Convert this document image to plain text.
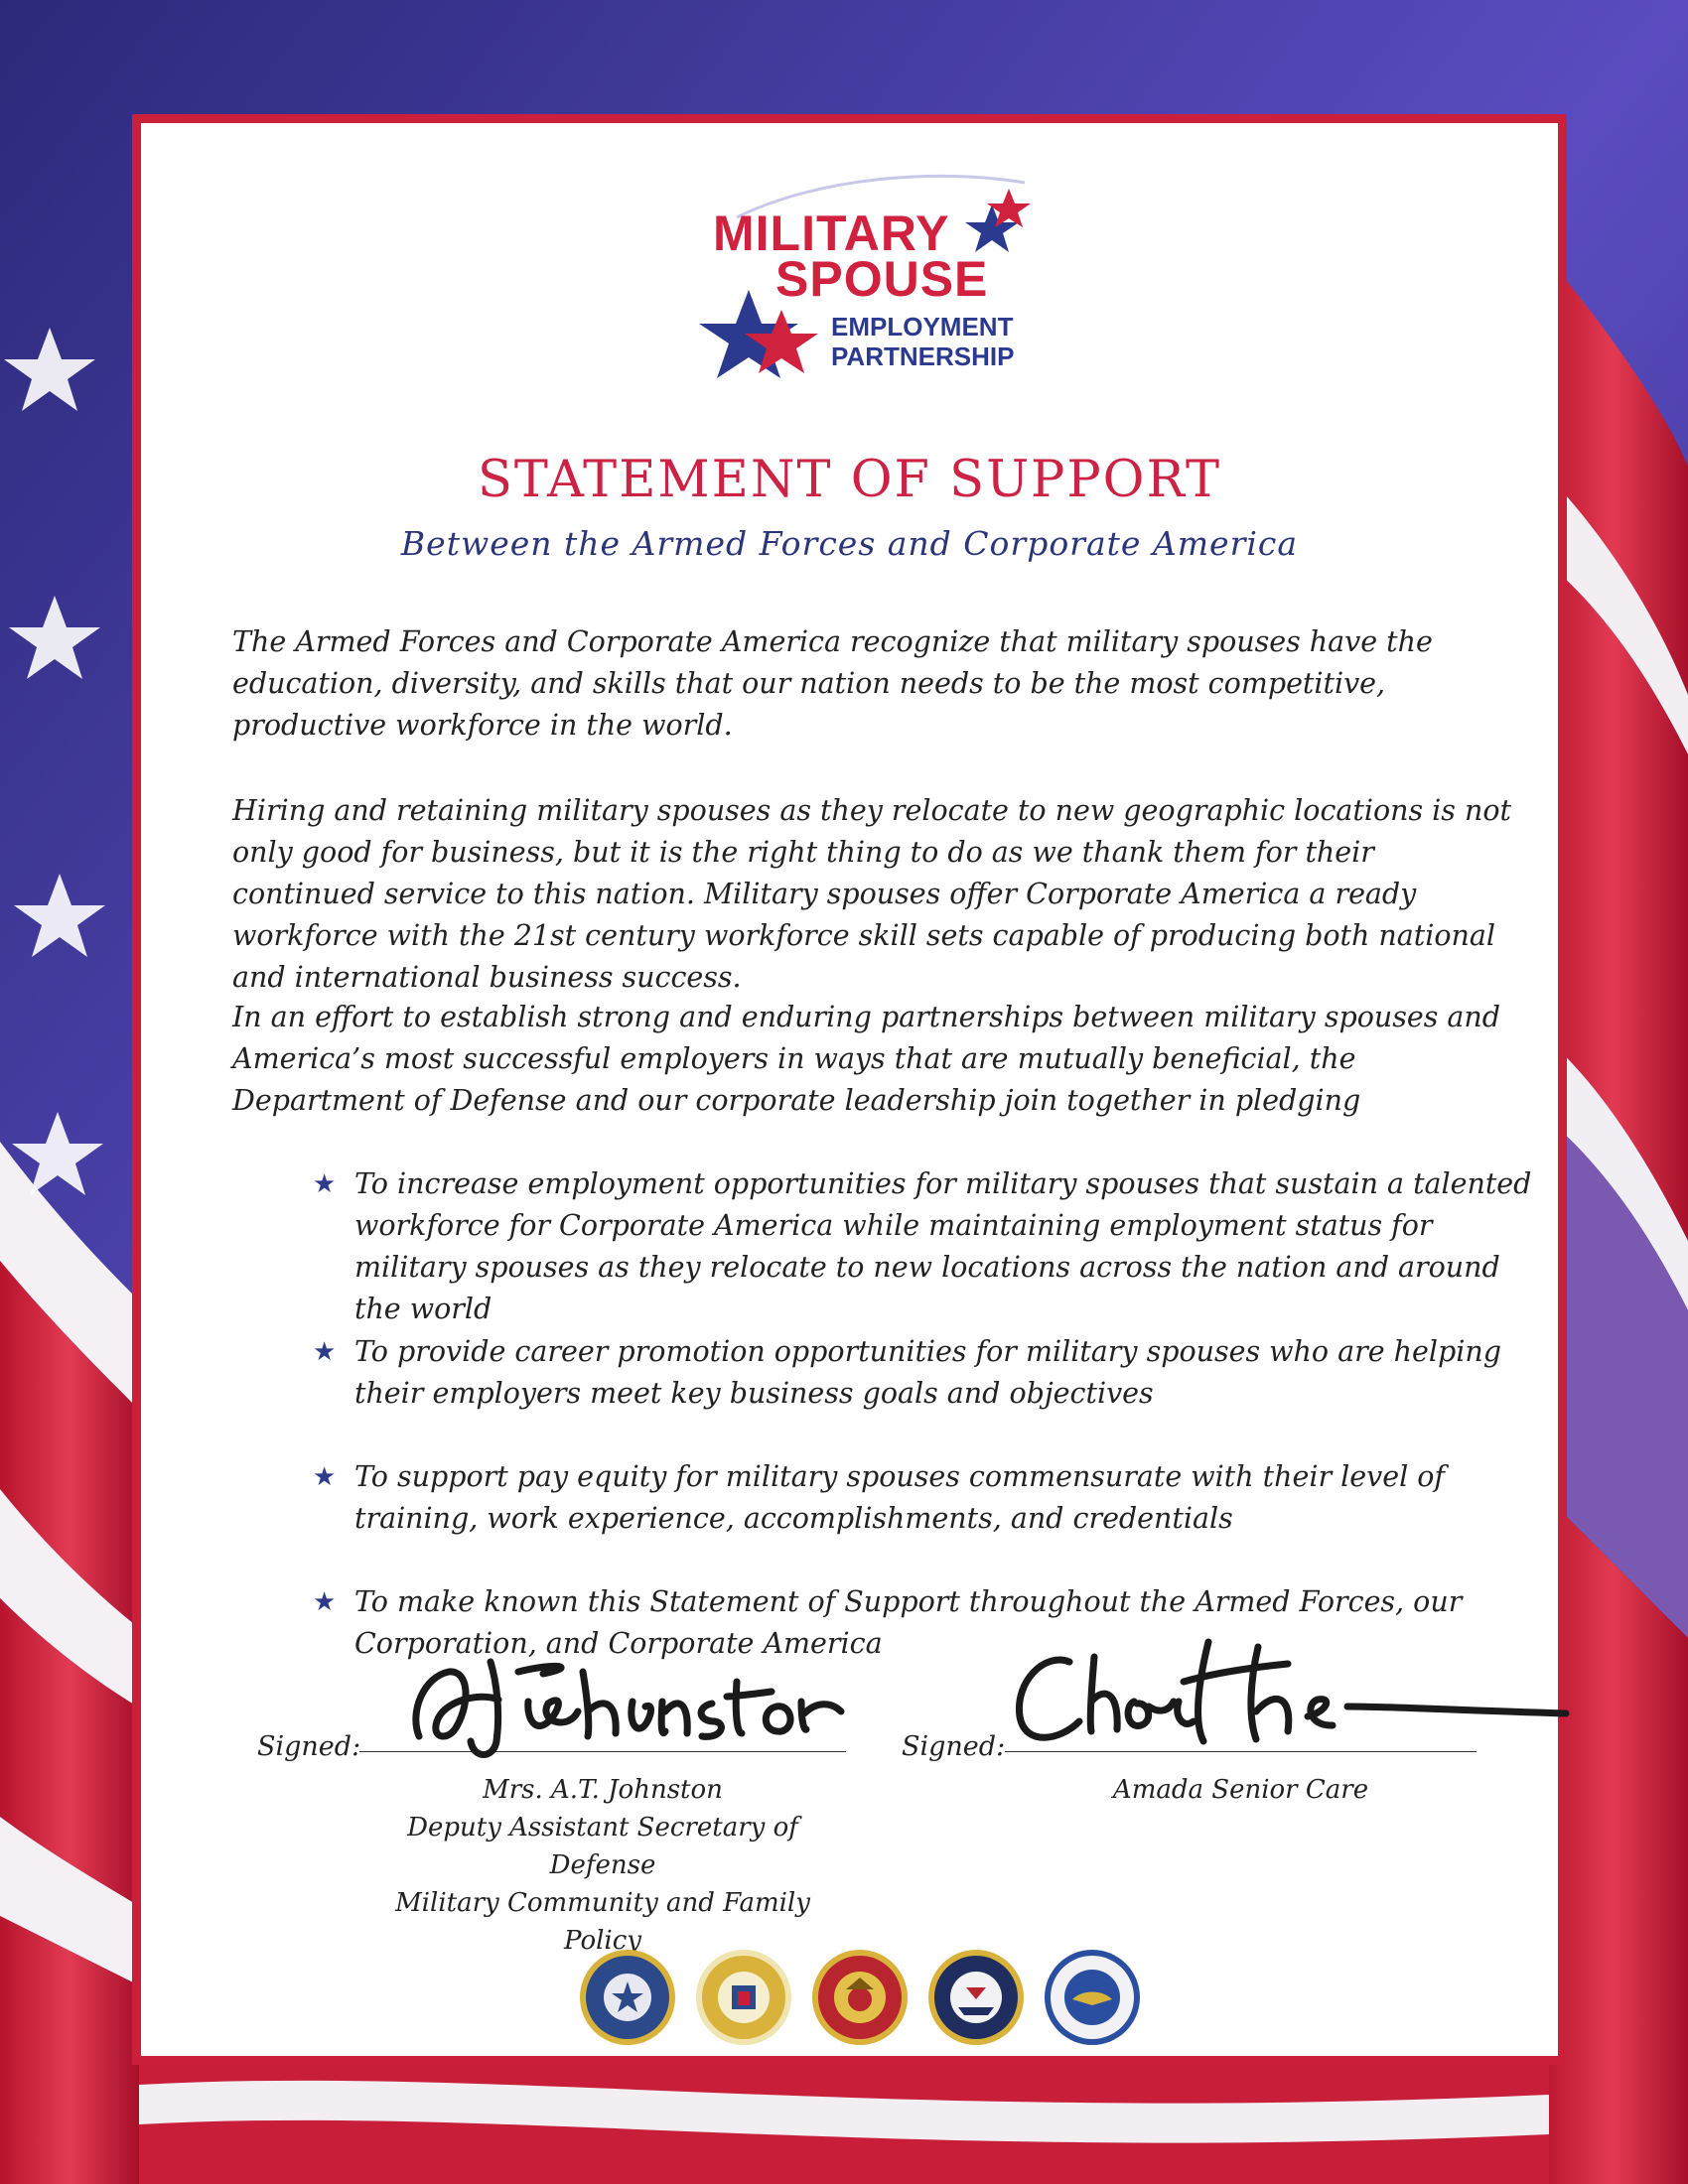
MILITARY
SPOUSE
EMPLOYMENT
PARTNERSHIP
STATEMENT OF SUPPORT
Between the Armed Forces and Corporate America
The Armed Forces and Corporate America recognize that military spouses have the education, diversity, and skills that our nation needs to be the most competitive, productive workforce in the world.
Hiring and retaining military spouses as they relocate to new geographic locations is not only good for business, but it is the right thing to do as we thank them for their continued service to this nation. Military spouses offer Corporate America a ready workforce with the 21st century workforce skill sets capable of producing both national and international business success.
In an effort to establish strong and enduring partnerships between military spouses and America’s most successful employers in ways that are mutually beneficial, the Department of Defense and our corporate leadership join together in pledging
★ To increase employment opportunities for military spouses that sustain a talented workforce for Corporate America while maintaining employment status for military spouses as they relocate to new locations across the nation and around the world
★ To provide career promotion opportunities for military spouses who are helping their employers meet key business goals and objectives
★ To support pay equity for military spouses commensurate with their level of training, work experience, accomplishments, and credentials
★ To make known this Statement of Support throughout the Armed Forces, our Corporation, and Corporate America
Signed:
Mrs. A.T. Johnston
Deputy Assistant Secretary of Defense
Military Community and Family Policy
Signed:
Amada Senior Care
